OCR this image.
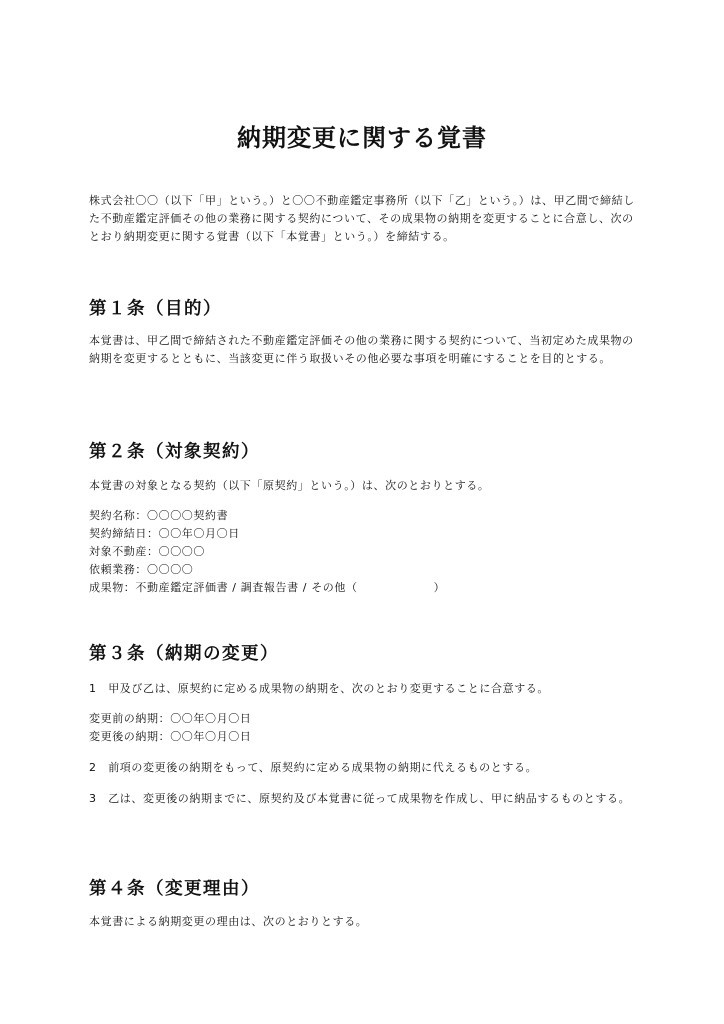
納期変更に関する覚書

株式会社〇〇（以下「甲」という。）と〇〇不動産鑑定事務所（以下「乙」という。）は、甲乙間で締結した不動産鑑定評価その他の業務に関する契約について、その成果物の納期を変更することに合意し、次のとおり納期変更に関する覚書（以下「本覚書」という。）を締結する。

第１条（目的）

本覚書は、甲乙間で締結された不動産鑑定評価その他の業務に関する契約について、当初定めた成果物の納期を変更するとともに、当該変更に伴う取扱いその他必要な事項を明確にすることを目的とする。

第２条（対象契約）

本覚書の対象となる契約（以下「原契約」という。）は、次のとおりとする。

契約名称：〇〇〇〇契約書
契約締結日：〇〇年〇月〇日
対象不動産：〇〇〇〇
依頼業務：〇〇〇〇
成果物：不動産鑑定評価書 / 調査報告書 / その他（	）
第３条（納期の変更）

1　甲及び乙は、原契約に定める成果物の納期を、次のとおり変更することに合意する。

変更前の納期：〇〇年〇月〇日
変更後の納期：〇〇年〇月〇日

2　前項の変更後の納期をもって、原契約に定める成果物の納期に代えるものとする。

3　乙は、変更後の納期までに、原契約及び本覚書に従って成果物を作成し、甲に納品するものとする。

第４条（変更理由）

本覚書による納期変更の理由は、次のとおりとする。
